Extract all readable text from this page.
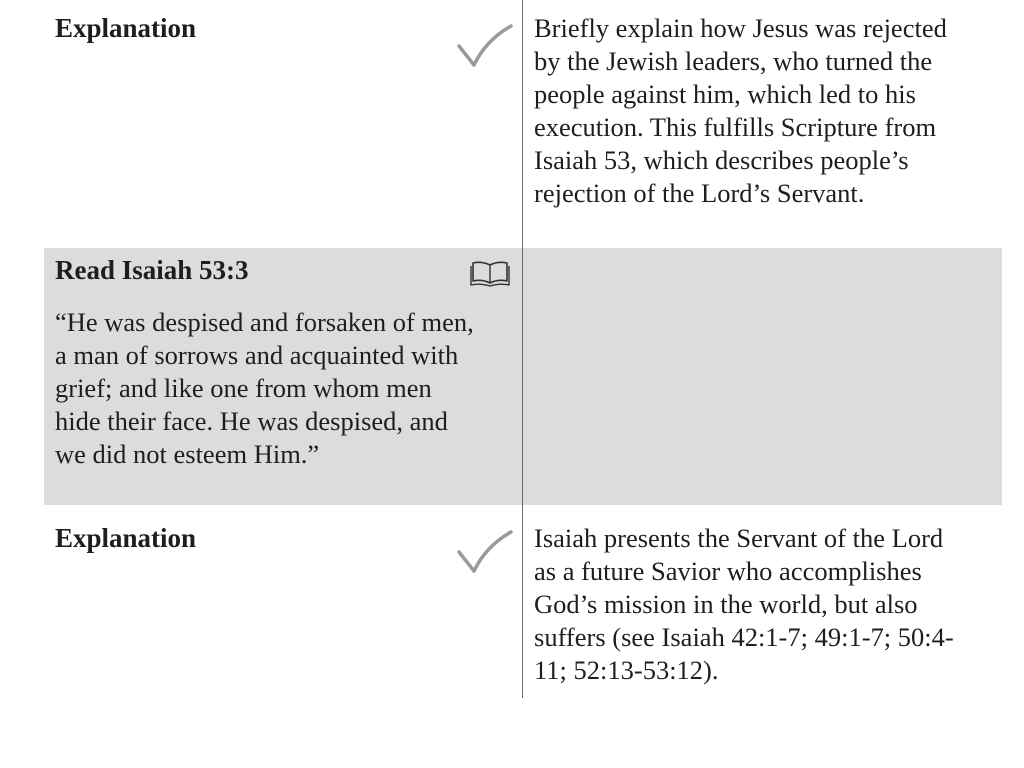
Explanation	Briefly explain how Jesus was rejected
by the Jewish leaders, who turned the
people against him, which led to his
execution. This fulfills Scripture from
Isaiah 53, which describes people’s
rejection of the Lord’s Servant.

Read Isaiah 53:3

“He was despised and forsaken of men,
a man of sorrows and acquainted with
grief; and like one from whom men
hide their face. He was despised, and
we did not esteem Him.”

Explanation	Isaiah presents the Servant of the Lord
as a future Savior who accomplishes
God’s mission in the world, but also
suffers (see Isaiah 42:1-7; 49:1-7; 50:4-
11; 52:13-53:12).
